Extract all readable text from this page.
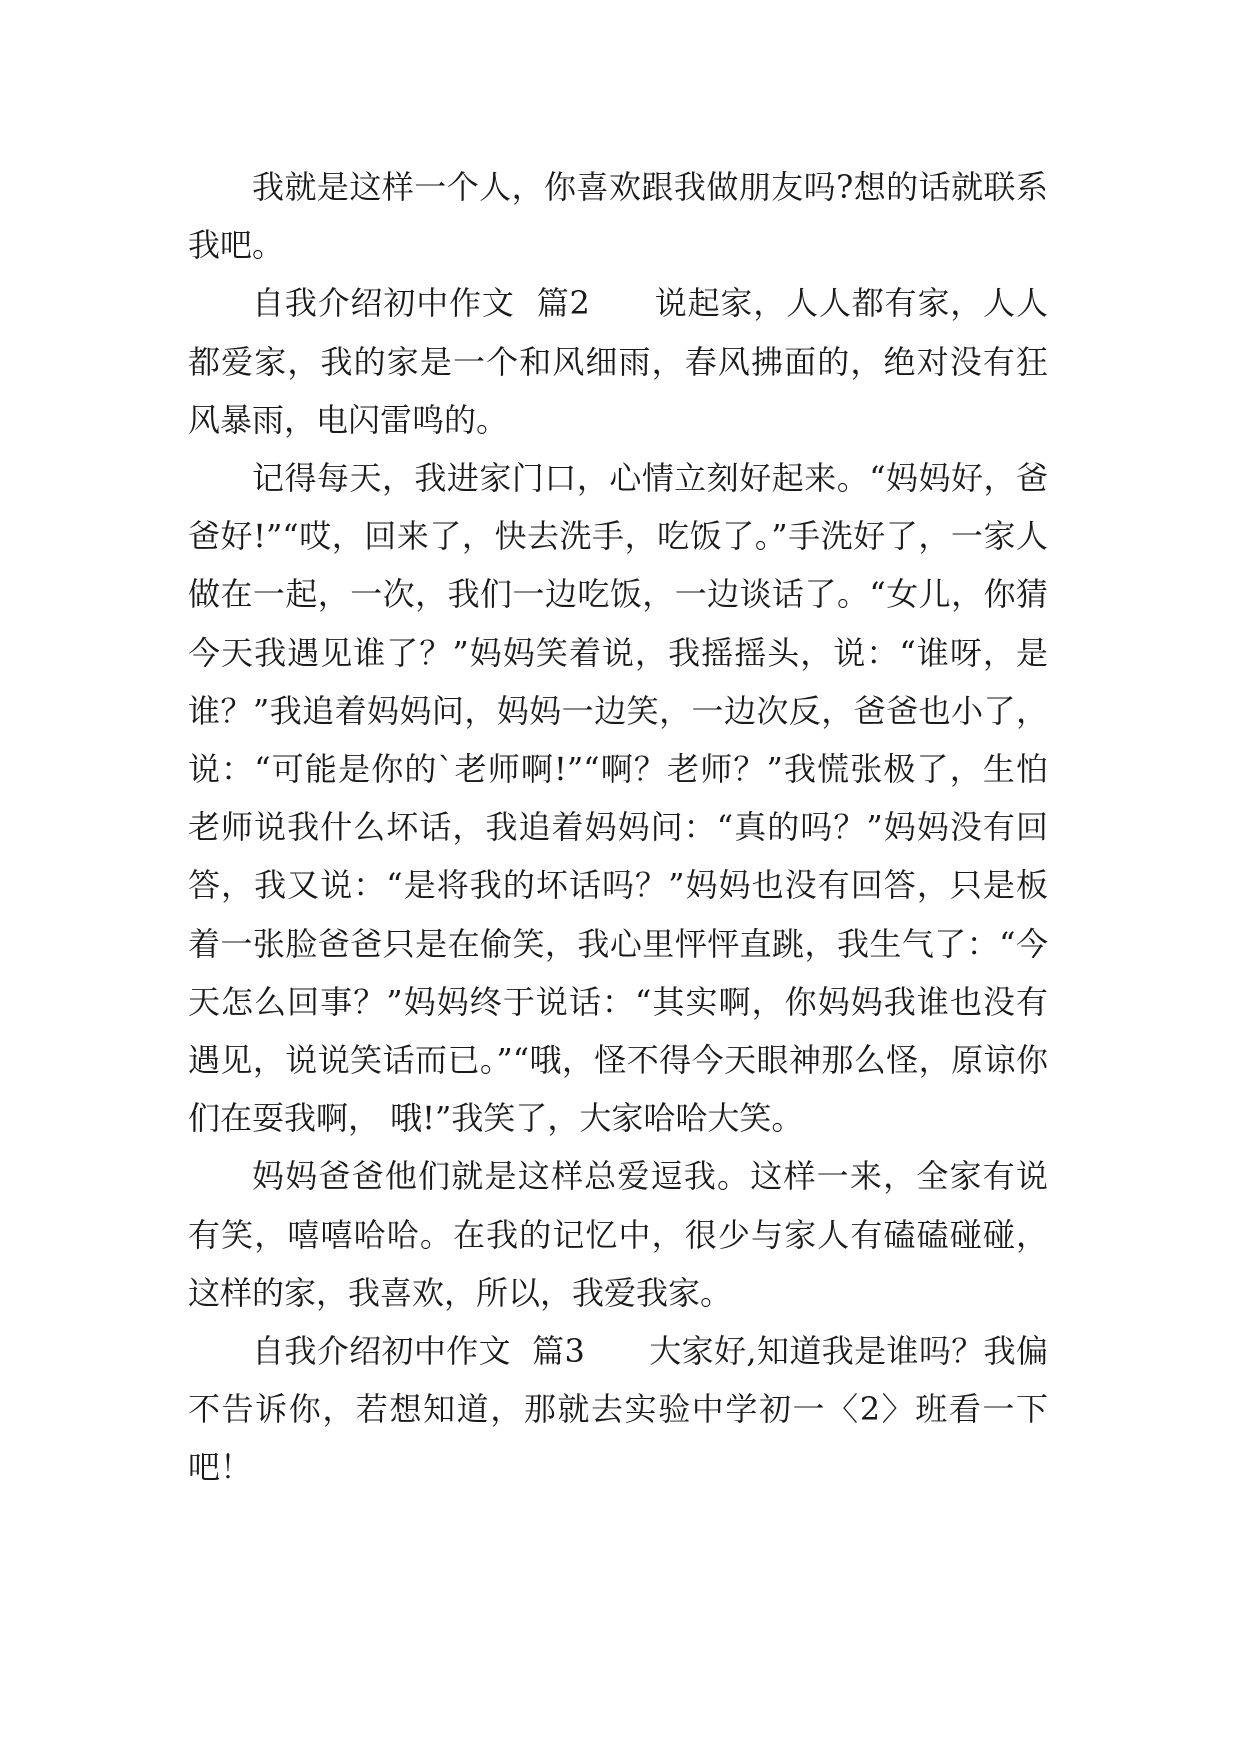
我就是这样一个人，你喜欢跟我做朋友吗?想的话就联系我吧。

自我介绍初中作文  篇2 说起家，人人都有家，人人都爱家，我的家是一个和风细雨，春风拂面的，绝对没有狂风暴雨，电闪雷鸣的。

记得每天，我进家门口，心情立刻好起来。“妈妈好，爸爸好!”“哎，回来了，快去洗手，吃饭了。”手洗好了，一家人做在一起，一次，我们一边吃饭，一边谈话了。“女儿，你猜今天我遇见谁了？”妈妈笑着说，我摇摇头，说：“谁呀，是谁？”我追着妈妈问，妈妈一边笑，一边次反，爸爸也小了，说：“可能是你的`老师啊!”“啊？老师？”我慌张极了，生怕老师说我什么坏话，我追着妈妈问：“真的吗？”妈妈没有回答，我又说：“是将我的坏话吗？”妈妈也没有回答，只是板着一张脸爸爸只是在偷笑，我心里怦怦直跳，我生气了：“今天怎么回事？”妈妈终于说话：“其实啊，你妈妈我谁也没有遇见，说说笑话而已。”“哦，怪不得今天眼神那么怪，原谅你们在耍我啊， 哦!”我笑了，大家哈哈大笑。

妈妈爸爸他们就是这样总爱逗我。这样一来，全家有说有笑，嘻嘻哈哈。在我的记忆中，很少与家人有磕磕碰碰，这样的家，我喜欢，所以，我爱我家。

自我介绍初中作文  篇3 大家好,知道我是谁吗？我偏不告诉你，若想知道，那就去实验中学初一〈2〉班看一下吧！
